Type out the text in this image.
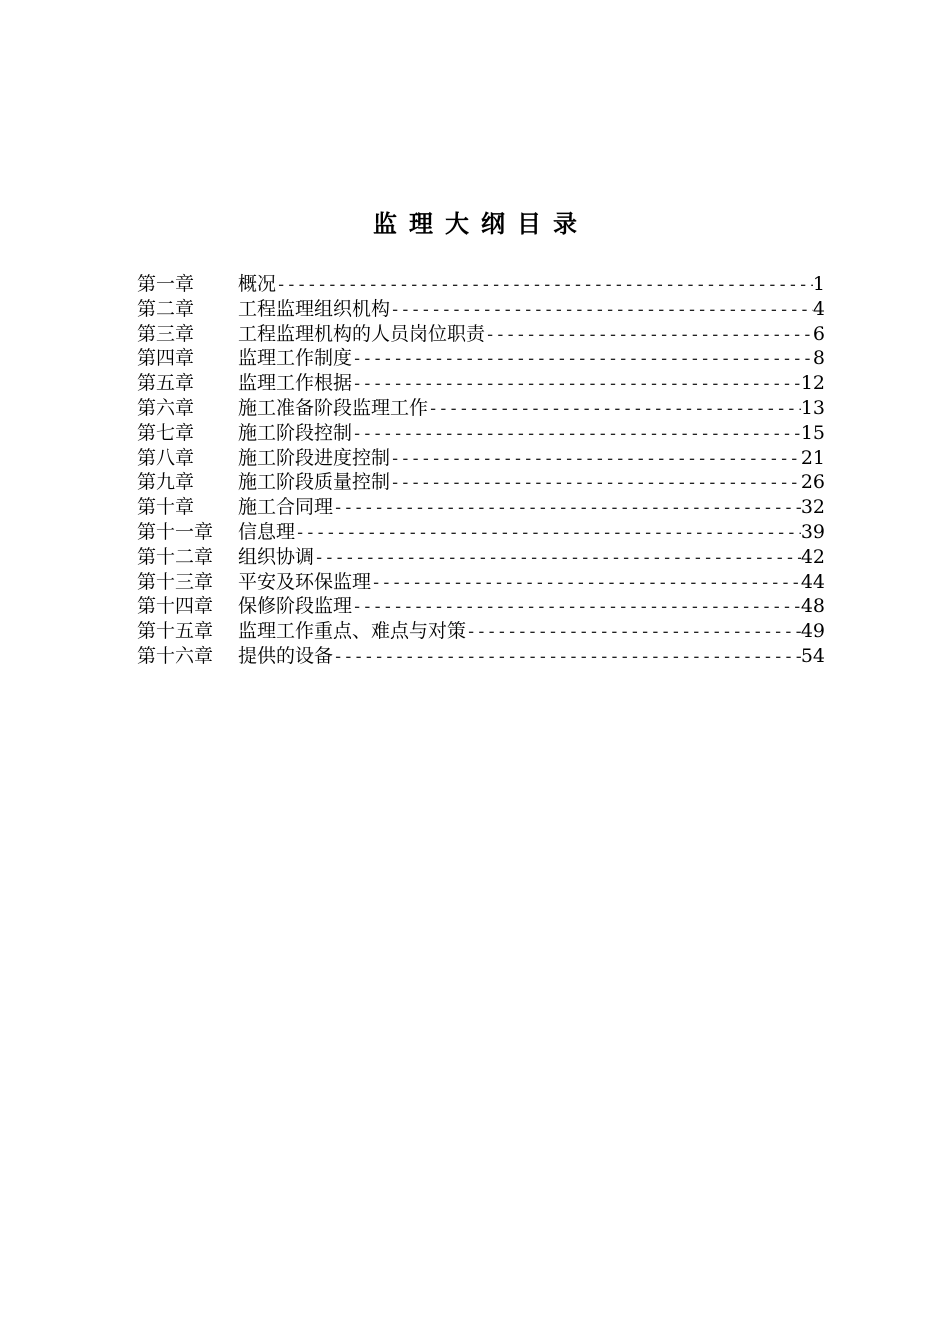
监理大纲目录
第一章	概况 -----	1
第二章	工程监理组织机构 -----	4
第三章	工程监理机构的人员岗位职责 -----	6
第四章	监理工作制度 -----	8
第五章	监理工作根据 -----	12
第六章	施工准备阶段监理工作 -----	13
第七章	施工阶段控制 -----	15
第八章	施工阶段进度控制 -----	21
第九章	施工阶段质量控制 -----	26
第十章	施工合同理 -----	32
第十一章	信息理 -----	39
第十二章	组织协调 -----	42
第十三章	平安及环保监理 -----	44
第十四章	保修阶段监理 -----	48
第十五章	监理工作重点、难点与对策 -----	49
第十六章	提供的设备 -----	54
